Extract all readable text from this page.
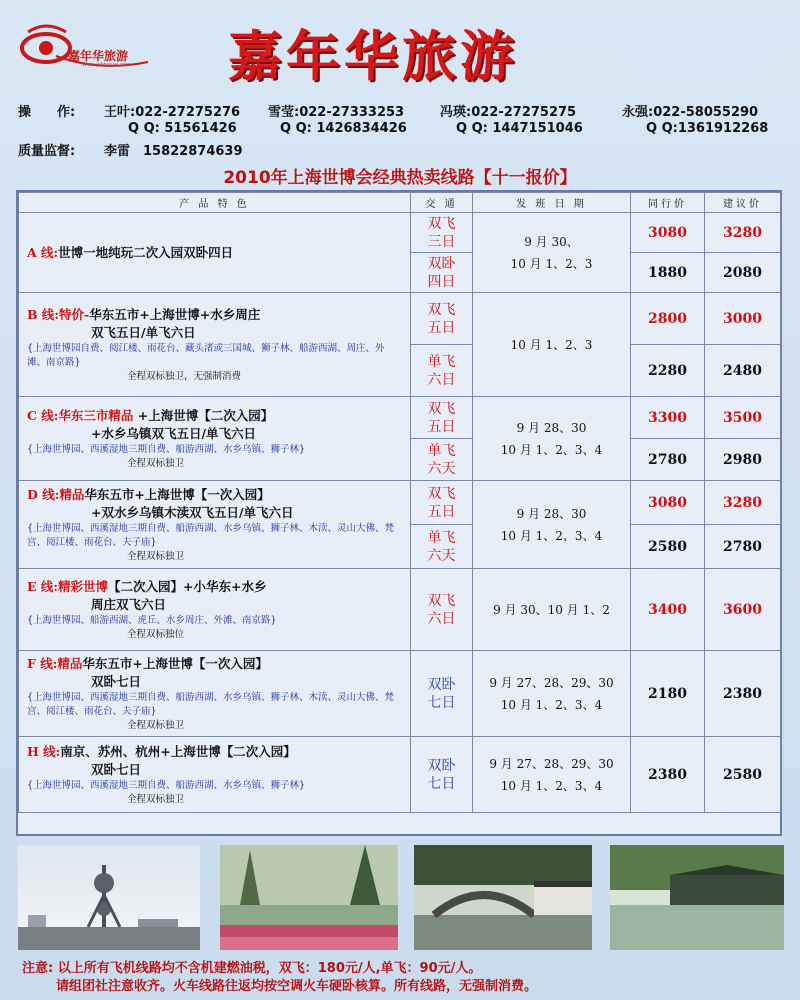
嘉年华旅游
Www.jnhtravel.com 嘉年华旅游
操　　作: 王叶:022-27275276 雪莹:022-27333253	冯瑛:022-27275275	永强:022-58055290
Q Q: 51561426	Q Q: 1426834426	Q Q: 1447151046	Q Q:1361912268
质量监督: 李雷　15822874639
2010年上海世博会经典热卖线路【十一报价】
产 品 特 色	交 通	发 班 日 期	同行价	建议价
A 线:世博一地纯玩二次入园双卧四日	双飞
三日	9 月 30、
10 月 1、2、3	3080	3280
	双卧
四日		1880	2080
B 线:特价-华东五市+上海世博+水乡周庄
双飞五日/单飞六日
{上海世博园自费、阅江楼、雨花台、藏头渚或三国城、狮子林、船游西湖、周庄、外滩、南京路}
全程双标独卫，无强制消费	双飞
五日	10 月 1、2、3	2800	3000
	单飞
六日		2280	2480
C 线:华东三市精品 +上海世博【二次入园】
+水乡乌镇双飞五日/单飞六日
{上海世博园、西溪湿地三期自费、船游西湖、水乡乌镇、狮子林}
全程双标独卫	双飞
五日	9 月 28、30
10 月 1、2、3、4	3300	3500
	单飞
六天		2780	2980
D 线:精品华东五市+上海世博【一次入园】
+双水乡乌镇木渎双飞五日/单飞六日
{上海世博园、西溪湿地三期自费、船游西湖、水乡乌镇、狮子林、木渎、灵山大佛、梵宫、阅江楼、雨花台、夫子庙}
全程双标独卫	双飞
五日	9 月 28、30
10 月 1、2、3、4	3080	3280
	单飞
六天		2580	2780
E 线:精彩世博【二次入园】+小华东+水乡
周庄双飞六日
{上海世博园、船游西湖、虎丘、水乡周庄、外滩、南京路}
全程双标独位	双飞
六日	9 月 30、10 月 1、2	3400	3600
F 线:精品华东五市+上海世博【一次入园】
双卧七日
{上海世博园、西溪湿地三期自费、船游西湖、水乡乌镇、狮子林、木渎、灵山大佛、梵宫、阅江楼、雨花台、夫子庙}
全程双标独卫	双卧
七日	9 月 27、28、29、30
10 月 1、2、3、4	2180	2380
H 线:南京、苏州、杭州+上海世博【二次入园】
双卧七日
{上海世博园、西溪湿地三期自费、船游西湖、水乡乌镇、狮子林}
全程双标独卫	双卧
七日	9 月 27、28、29、30
10 月 1、2、3、4	2380	2580
注意: 以上所有飞机线路均不含机建燃油税，双飞：180元/人,单飞：90元/人。
请组团社注意收齐。火车线路往返均按空调火车硬卧核算。所有线路，无强制消费。
